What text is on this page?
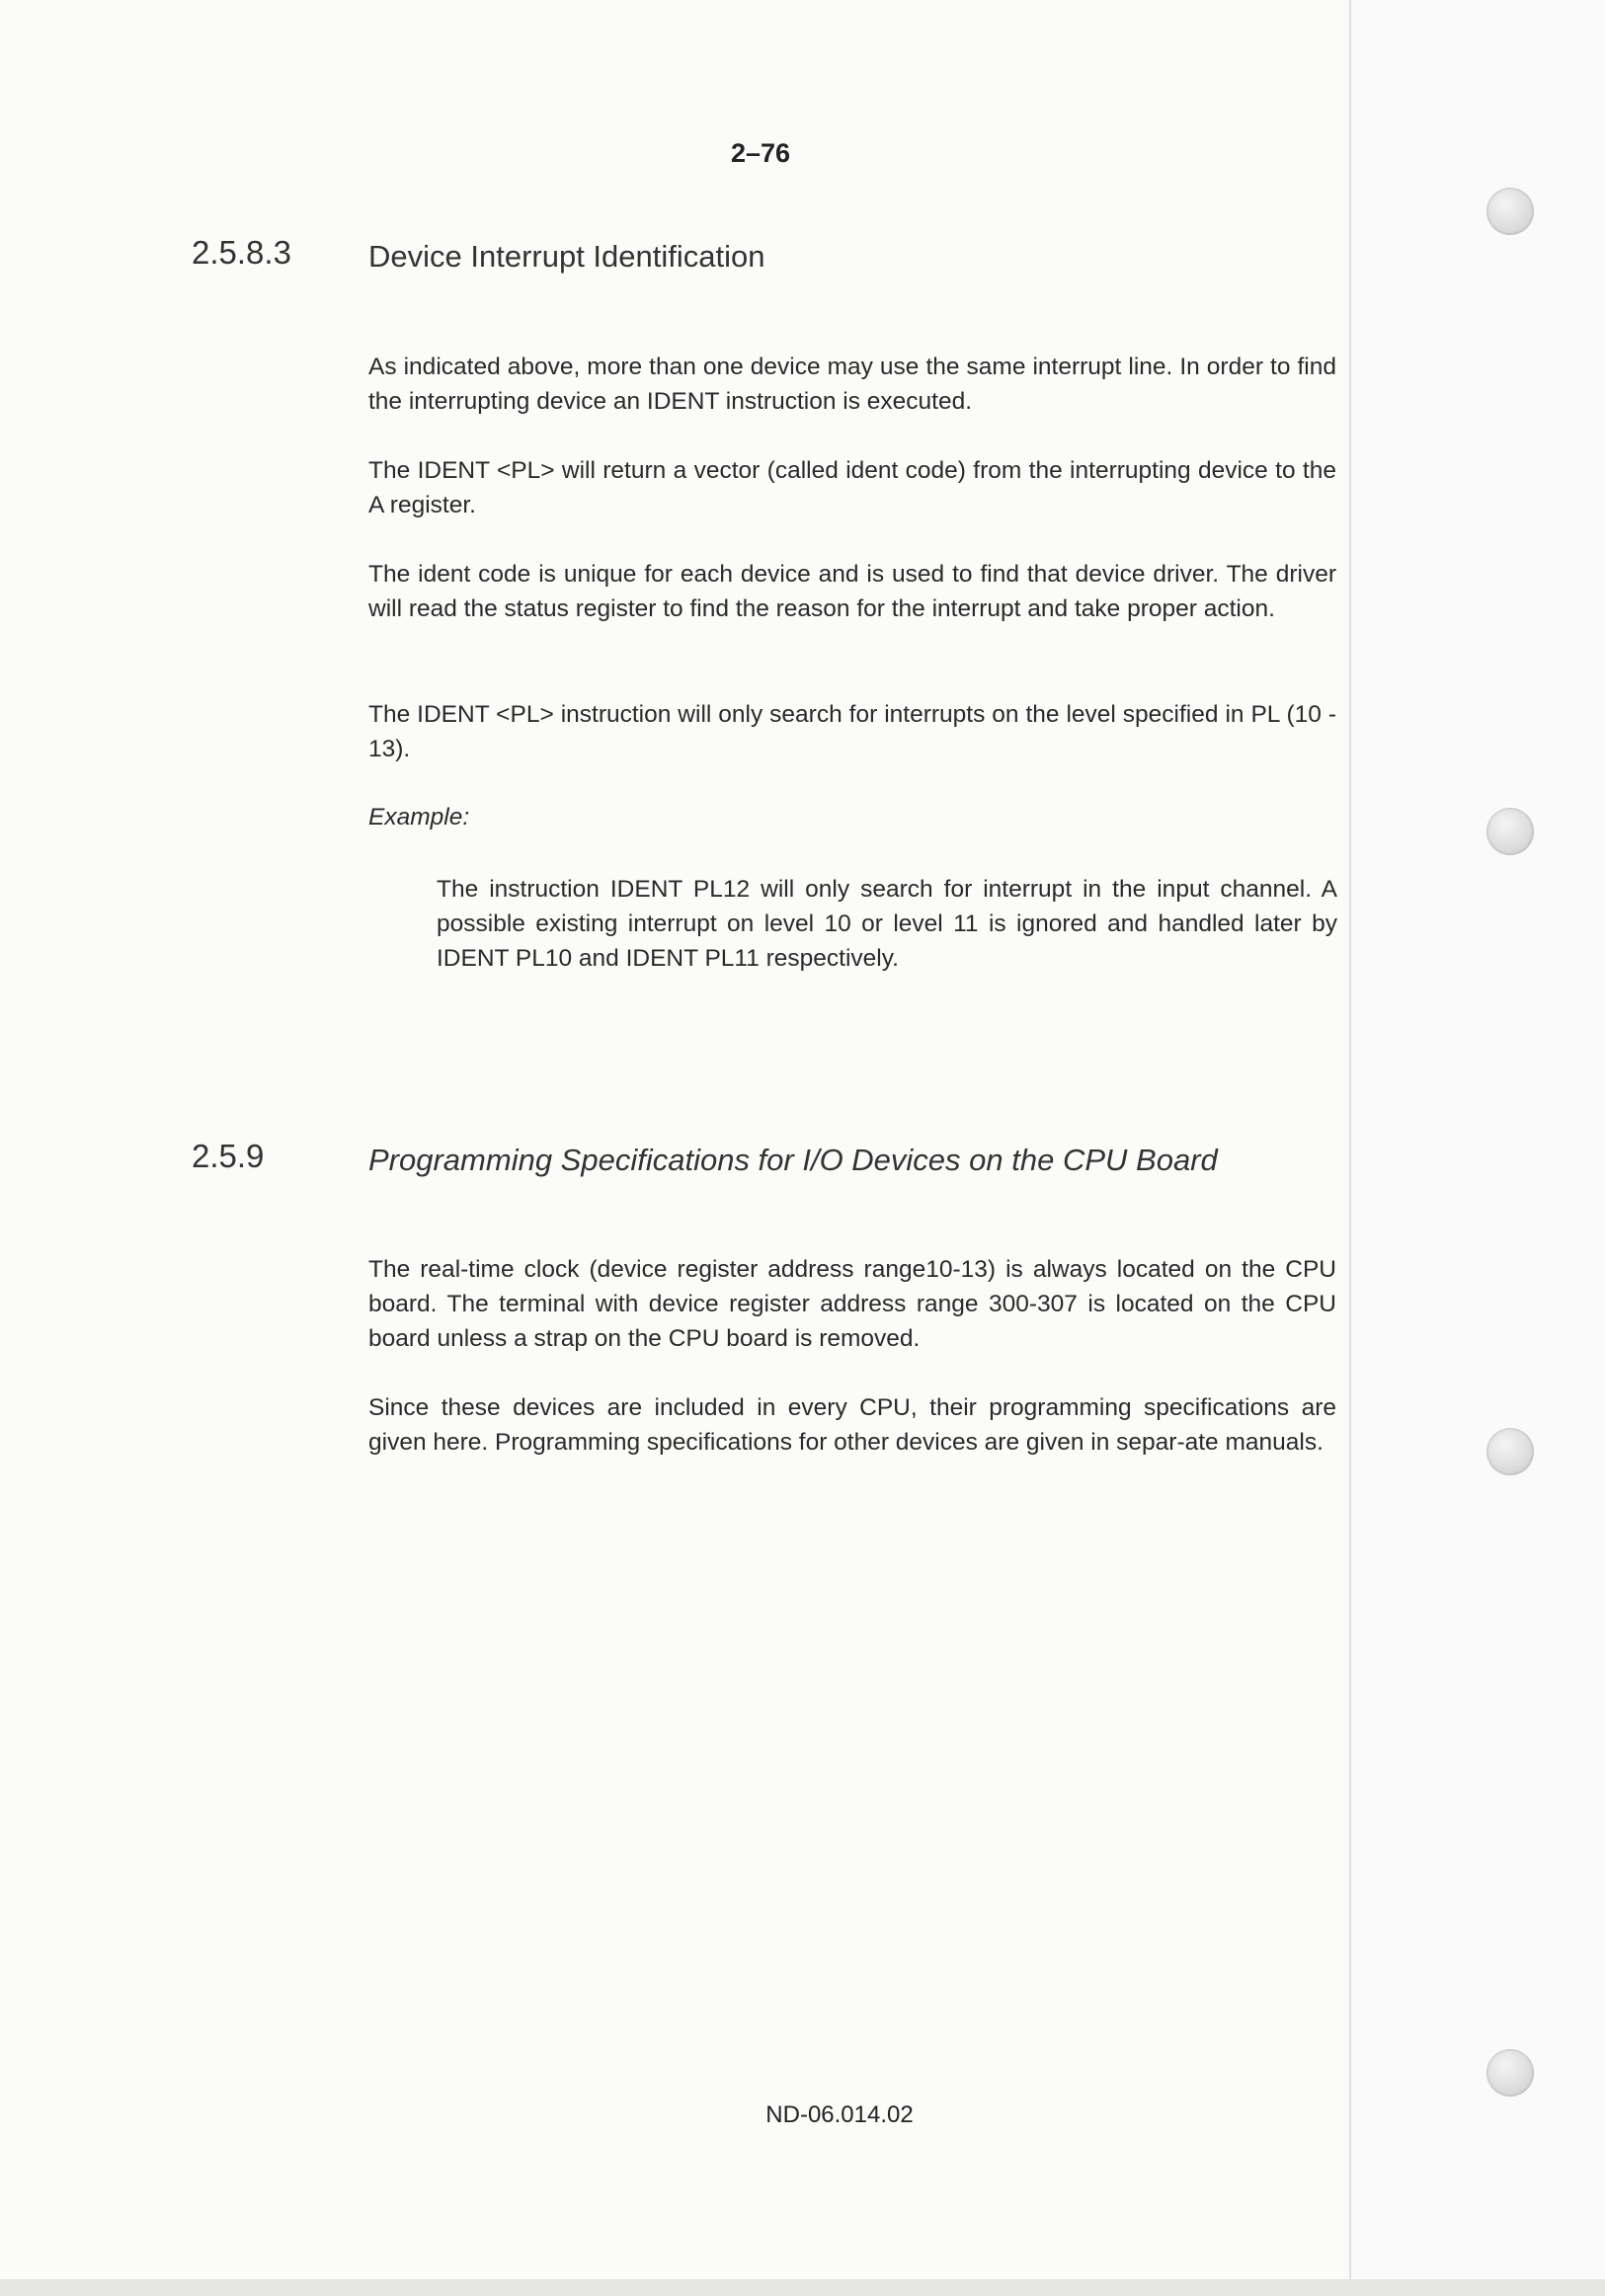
2–76
2.5.8.3	Device Interrupt Identification
As indicated above, more than one device may use the same interrupt line. In order to find the interrupting device an IDENT instruction is executed.
The IDENT <PL> will return a vector (called ident code) from the interrupting device to the A register.
The ident code is unique for each device and is used to find that device driver. The driver will read the status register to find the reason for the interrupt and take proper action.
The IDENT <PL> instruction will only search for interrupts on the level specified in PL (10 - 13).
Example:
The instruction IDENT PL12 will only search for interrupt in the input channel. A possible existing interrupt on level 10 or level 11 is ignored and handled later by IDENT PL10 and IDENT PL11 respectively.
2.5.9	Programming Specifications for I/O Devices on the CPU Board
The real-time clock (device register address range10-13) is always located on the CPU board. The terminal with device register address range 300-307 is located on the CPU board unless a strap on the CPU board is removed.
Since these devices are included in every CPU, their programming specifications are given here. Programming specifications for other devices are given in separ-ate manuals.
ND-06.014.02
